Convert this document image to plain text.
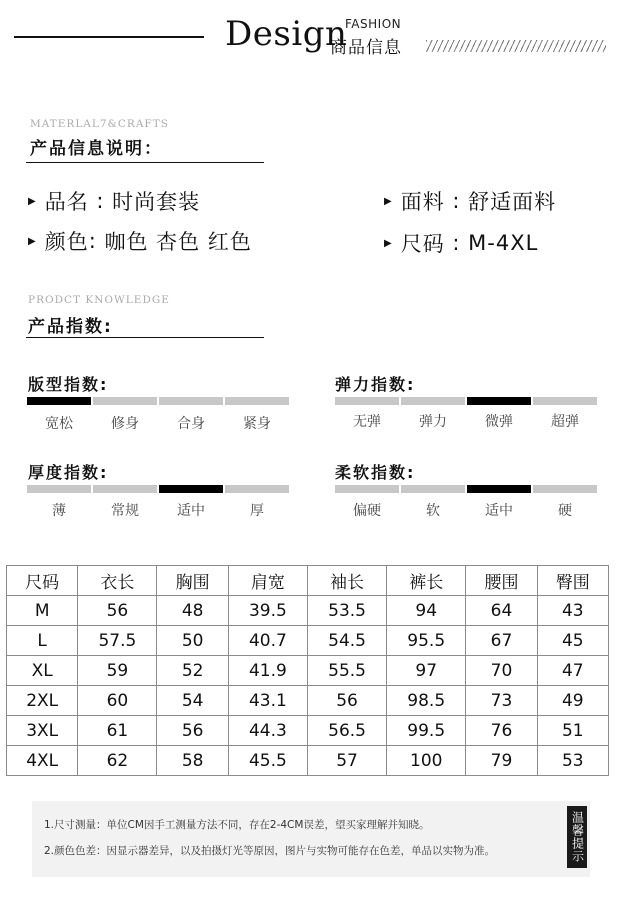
Design
FASHION
商品信息
MATERLAL7&CRAFTS
产品信息说明：
▶ 品名 : 时尚套装	▶ 面料 : 舒适面料
▶ 颜色 : 咖色 杏色 红色	▶ 尺码 : M-4XL
PRODCT KNOWLEDGE
产品指数:
版型指数:
宽松	修身	合身	紧身
弹力指数:
无弹	弹力	微弹	超弹
厚度指数:
薄	常规	适中	厚
柔软指数:
偏硬	软	适中	硬
尺码	衣长	胸围	肩宽	袖长	裤长	腰围	臀围
M	56	48	39.5	53.5	94	64	43
L	57.5	50	40.7	54.5	95.5	67	45
XL	59	52	41.9	55.5	97	70	47
2XL	60	54	43.1	56	98.5	73	49
3XL	61	56	44.3	56.5	99.5	76	51
4XL	62	58	45.5	57	100	79	53
1.尺寸测量：单位CM因手工测量方法不同，存在2-4CM误差，望买家理解并知晓。
2.颜色色差：因显示器差异，以及拍摄灯光等原因，图片与实物可能存在色差，单品以实物为准。	温馨提示
